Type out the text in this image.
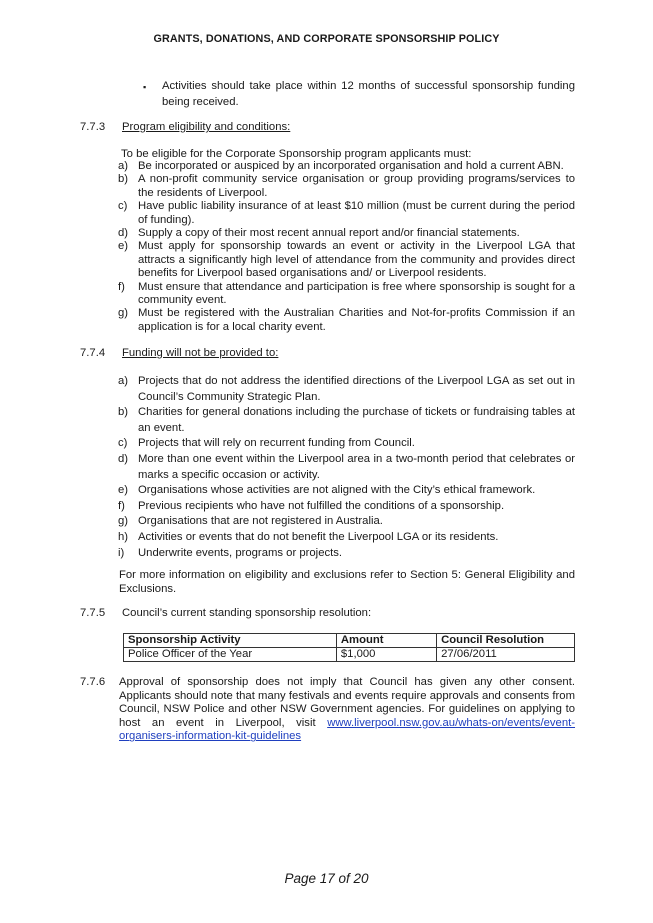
GRANTS, DONATIONS, AND CORPORATE SPONSORSHIP POLICY
▪	Activities should take place within 12 months of successful sponsorship funding being received.
7.7.3 Program eligibility and conditions:
To be eligible for the Corporate Sponsorship program applicants must:
a) Be incorporated or auspiced by an incorporated organisation and hold a current ABN.
b) A non-profit community service organisation or group providing programs/services to the residents of Liverpool.
c) Have public liability insurance of at least $10 million (must be current during the period of funding).
d) Supply a copy of their most recent annual report and/or financial statements.
e) Must apply for sponsorship towards an event or activity in the Liverpool LGA that attracts a significantly high level of attendance from the community and provides direct benefits for Liverpool based organisations and/ or Liverpool residents.
f)	Must ensure that attendance and participation is free where sponsorship is sought for a community event.
g) Must be registered with the Australian Charities and Not-for-profits Commission if an application is for a local charity event.
7.7.4 Funding will not be provided to:
a) Projects that do not address the identified directions of the Liverpool LGA as set out in Council’s Community Strategic Plan.
b) Charities for general donations including the purchase of tickets or fundraising tables at an event.
c) Projects that will rely on recurrent funding from Council.
d) More than one event within the Liverpool area in a two-month period that celebrates or marks a specific occasion or activity.
e) Organisations whose activities are not aligned with the City’s ethical framework.
f)	Previous recipients who have not fulfilled the conditions of a sponsorship.
g) Organisations that are not registered in Australia.
h) Activities or events that do not benefit the Liverpool LGA or its residents.
i)	Underwrite events, programs or projects.
For more information on eligibility and exclusions refer to Section 5: General Eligibility and Exclusions.
7.7.5 Council’s current standing sponsorship resolution:
Sponsorship Activity	Amount	Council Resolution
Police Officer of the Year	$1,000	27/06/2011
7.7.6 Approval of sponsorship does not imply that Council has given any other consent. Applicants should note that many festivals and events require approvals and consents from Council, NSW Police and other NSW Government agencies. For guidelines on applying to host an event in Liverpool, visit www.liverpool.nsw.gov.au/whats-on/events/event-organisers-information-kit-guidelines
Page 17 of 20
